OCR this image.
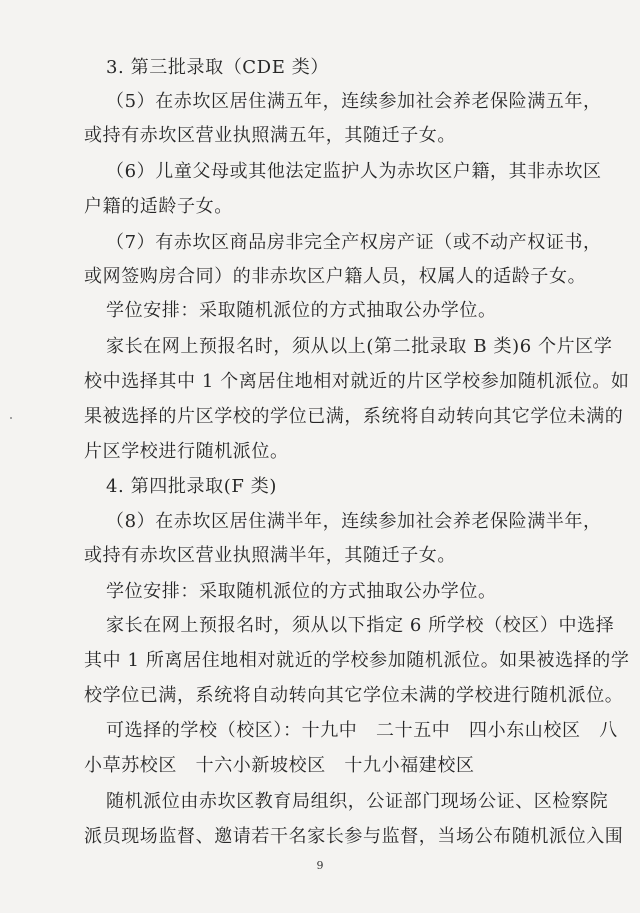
3. 第三批录取（CDE 类）
（5）在赤坎区居住满五年，连续参加社会养老保险满五年，
或持有赤坎区营业执照满五年，其随迁子女。
（6）儿童父母或其他法定监护人为赤坎区户籍，其非赤坎区
户籍的适龄子女。
（7）有赤坎区商品房非完全产权房产证（或不动产权证书，
或网签购房合同）的非赤坎区户籍人员，权属人的适龄子女。
学位安排：采取随机派位的方式抽取公办学位。
家长在网上预报名时，须从以上(第二批录取 B 类)6 个片区学
校中选择其中 1 个离居住地相对就近的片区学校参加随机派位。如
果被选择的片区学校的学位已满，系统将自动转向其它学位未满的
片区学校进行随机派位。
4. 第四批录取(F 类)
（8）在赤坎区居住满半年，连续参加社会养老保险满半年，
或持有赤坎区营业执照满半年，其随迁子女。
学位安排：采取随机派位的方式抽取公办学位。
家长在网上预报名时，须从以下指定 6 所学校（校区）中选择
其中 1 所离居住地相对就近的学校参加随机派位。如果被选择的学
校学位已满，系统将自动转向其它学位未满的学校进行随机派位。
可选择的学校（校区）：十九中　二十五中　四小东山校区　八
小草苏校区　十六小新坡校区　十九小福建校区
随机派位由赤坎区教育局组织，公证部门现场公证、区检察院
派员现场监督、邀请若干名家长参与监督，当场公布随机派位入围
9
